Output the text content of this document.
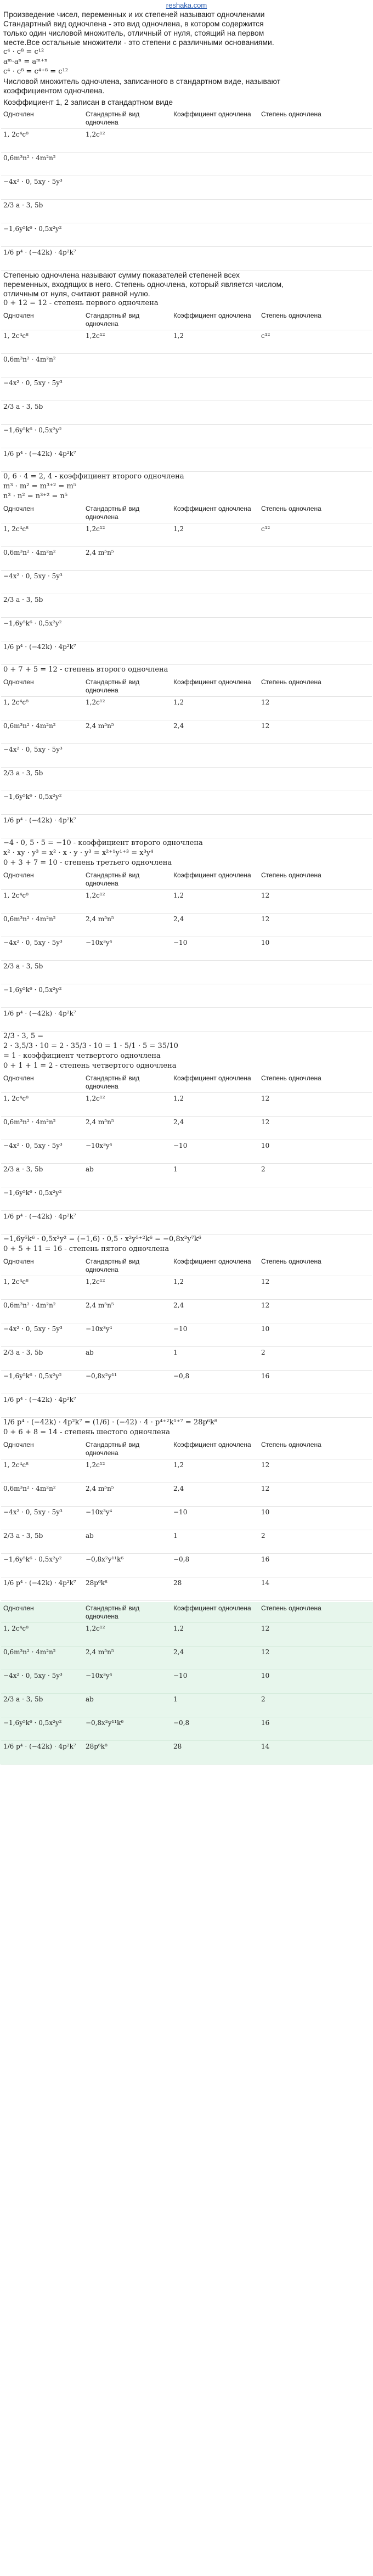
reshaka.com
Произведение чисел, переменных и их степеней называют одночленами
Стандартный вид одночлена - это вид одночлена, в котором содержится
только один числовой множитель, отличный от нуля, стоящий на первом
месте.Все остальные множители - это степени с различными основаниями.
c⁴ · c⁸ = c¹²
aᵐ·aⁿ = aᵐ⁺ⁿ
c⁴ · c⁸ = c⁴⁺⁸ = c¹²
Числовой множитель одночлена, записанного в стандартном виде, называют
коэффициентом одночлена.
Коэффициент 1, 2 записан в стандартном виде
Одночлен	Стандартный вид одночлена	Коэффициент одночлена	Степень одночлена
1, 2c⁴c⁸	1,2c¹²		
0,6m³n² · 4m²n²			
−4x² · 0, 5xy · 5y³			
2/3 a · 3, 5b			
−1,6y⁵k⁶ · 0,5x²y²			
1/6 p⁴ · (−42k) · 4p²k⁷			
Степенью одночлена называют сумму показателей степеней всех
переменных, входящих в него. Степень одночлена, который является числом,
отличным от нуля, считают равной нулю.
0 + 12 = 12 - степень первого одночлена
Одночлен	Стандартный вид одночлена	Коэффициент одночлена	Степень одночлена
1, 2c⁴c⁸	1,2c¹²	1,2	c¹²
0,6m³n² · 4m²n²			
−4x² · 0, 5xy · 5y³			
2/3 a · 3, 5b			
−1,6y⁵k⁶ · 0,5x²y²			
1/6 p⁴ · (−42k) · 4p²k⁷			
0, 6 · 4 = 2, 4 - коэффициент второго одночлена
m³ · m² = m³⁺² = m⁵
n³ · n² = n³⁺² = n⁵
Одночлен	Стандартный вид одночлена	Коэффициент одночлена	Степень одночлена
1, 2c⁴c⁸	1,2c¹²	1,2	c¹²
0,6m³n² · 4m²n²	2,4 m⁵n⁵		
−4x² · 0, 5xy · 5y³			
2/3 a · 3, 5b			
−1,6y⁵k⁶ · 0,5x²y²			
1/6 p⁴ · (−42k) · 4p²k⁷			
0 + 7 + 5 = 12 - степень второго одночлена
Одночлен	Стандартный вид одночлена	Коэффициент одночлена	Степень одночлена
1, 2c⁴c⁸	1,2c¹²	1,2	12
0,6m³n² · 4m²n²	2,4 m⁵n⁵	2,4	12
−4x² · 0, 5xy · 5y³			
2/3 a · 3, 5b			
−1,6y⁵k⁶ · 0,5x²y²			
1/6 p⁴ · (−42k) · 4p²k⁷			
−4 · 0, 5 · 5 = −10 - коэффициент второго одночлена
x² · xy · y³ = x² · x · y · y³ = x²⁺¹y¹⁺³ = x³y⁴
0 + 3 + 7 = 10 - степень третьего одночлена
Одночлен	Стандартный вид одночлена	Коэффициент одночлена	Степень одночлена
1, 2c⁴c⁸	1,2c¹²	1,2	12
0,6m³n² · 4m²n²	2,4 m⁵n⁵	2,4	12
−4x² · 0, 5xy · 5y³	−10x³y⁴	−10	10
2/3 a · 3, 5b			
−1,6y⁵k⁶ · 0,5x²y²			
1/6 p⁴ · (−42k) · 4p²k⁷			
2/3 · 3, 5 =
2 · 3,5/3 · 10 = 2 · 35/3 · 10 = 1 · 5/1 · 5 = 35/10
= 1 - коэффициент четвертого одночлена
0 + 1 + 1 = 2 - степень четвертого одночлена
Одночлен	Стандартный вид одночлена	Коэффициент одночлена	Степень одночлена
1, 2c⁴c⁸	1,2c¹²	1,2	12
0,6m³n² · 4m²n²	2,4 m⁵n⁵	2,4	12
−4x² · 0, 5xy · 5y³	−10x³y⁴	−10	10
2/3 a · 3, 5b	ab	1	2
−1,6y⁵k⁶ · 0,5x²y²			
1/6 p⁴ · (−42k) · 4p²k⁷			
−1,6y⁵k⁶ · 0,5x²y² = (−1,6) · 0,5 · x²y⁵⁺²k⁶ = −0,8x²y⁷k⁶
0 + 5 + 11 = 16 - степень пятого одночлена
Одночлен	Стандартный вид одночлена	Коэффициент одночлена	Степень одночлена
1, 2c⁴c⁸	1,2c¹²	1,2	12
0,6m³n² · 4m²n²	2,4 m⁵n⁵	2,4	12
−4x² · 0, 5xy · 5y³	−10x³y⁴	−10	10
2/3 a · 3, 5b	ab	1	2
−1,6y⁵k⁶ · 0,5x²y²	−0,8x²y¹¹	−0,8	16
1/6 p⁴ · (−42k) · 4p²k⁷			
1/6 p⁴ · (−42k) · 4p²k⁷ = (1/6) · (−42) · 4 · p⁴⁺²k¹⁺⁷ = 28p⁶k⁸
0 + 6 + 8 = 14 - степень шестого одночлена
Одночлен	Стандартный вид одночлена	Коэффициент одночлена	Степень одночлена
1, 2c⁴c⁸	1,2c¹²	1,2	12
0,6m³n² · 4m²n²	2,4 m⁵n⁵	2,4	12
−4x² · 0, 5xy · 5y³	−10x³y⁴	−10	10
2/3 a · 3, 5b	ab	1	2
−1,6y⁵k⁶ · 0,5x²y²	−0,8x²y¹¹k⁶	−0,8	16
1/6 p⁴ · (−42k) · 4p²k⁷	28p⁶k⁸	28	14
Одночлен	Стандартный вид одночлена	Коэффициент одночлена	Степень одночлена
1, 2c⁴c⁸	1,2c¹²	1,2	12
0,6m³n² · 4m²n²	2,4 m⁵n⁵	2,4	12
−4x² · 0, 5xy · 5y³	−10x³y⁴	−10	10
2/3 a · 3, 5b	ab	1	2
−1,6y⁵k⁶ · 0,5x²y²	−0,8x²y¹¹k⁶	−0,8	16
1/6 p⁴ · (−42k) · 4p²k⁷	28p⁶k⁸	28	14
